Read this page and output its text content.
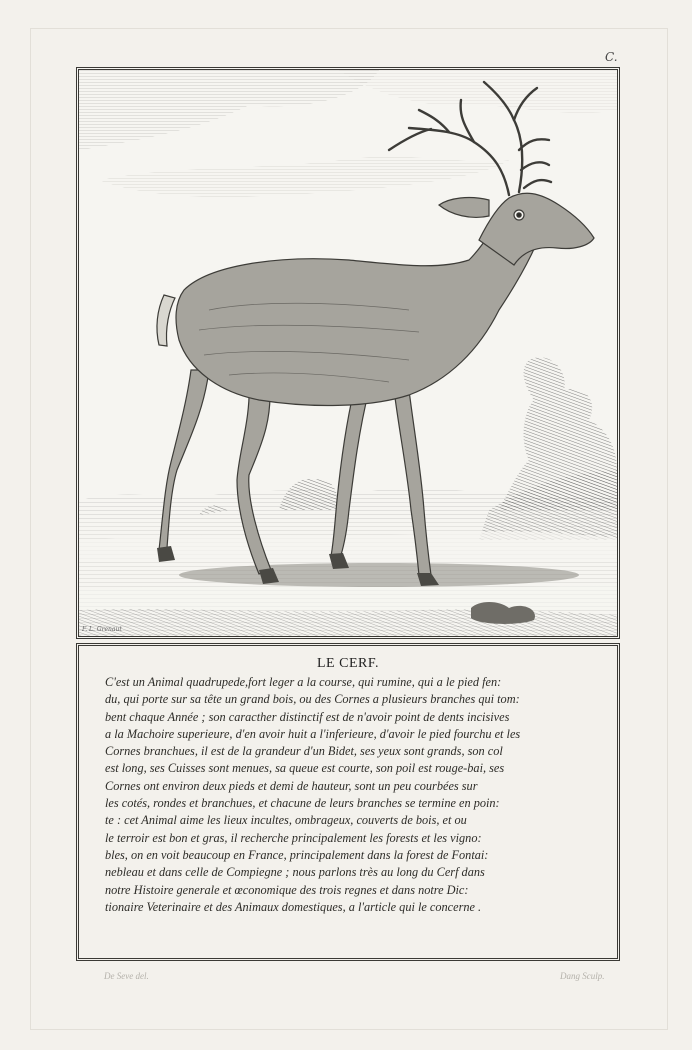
C.
F. L. Grenaut
LE CERF.
C'est un Animal quadrupede,fort leger a la course, qui rumine, qui a le pied fen:
du, qui porte sur sa tête un grand bois, ou des Cornes a plusieurs branches qui tom:
bent chaque Année ; son caracther distinctif est de n'avoir point de dents incisives
a la Machoire superieure, d'en avoir huit a l'inferieure, d'avoir le pied fourchu et les
Cornes branchues, il est de la grandeur d'un Bidet, ses yeux sont grands, son col
est long, ses Cuisses sont menues, sa queue est courte, son poil est rouge-bai, ses
Cornes ont environ deux pieds et demi de hauteur, sont un peu courbées sur
les cotés, rondes et branchues, et chacune de leurs branches se termine en poin:
te : cet Animal aime les lieux incultes, ombrageux, couverts de bois, et ou
le terroir est bon et gras, il recherche principalement les forests et les vigno:
bles, on en voit beaucoup en France, principalement dans la forest de Fontai:
nebleau et dans celle de Compiegne ; nous parlons très au long du Cerf dans
notre Histoire generale et œconomique des trois regnes et dans notre Dic:
tionaire Veterinaire et des Animaux domestiques, a l'article qui le concerne .
De Seve del.	Dang Sculp.
